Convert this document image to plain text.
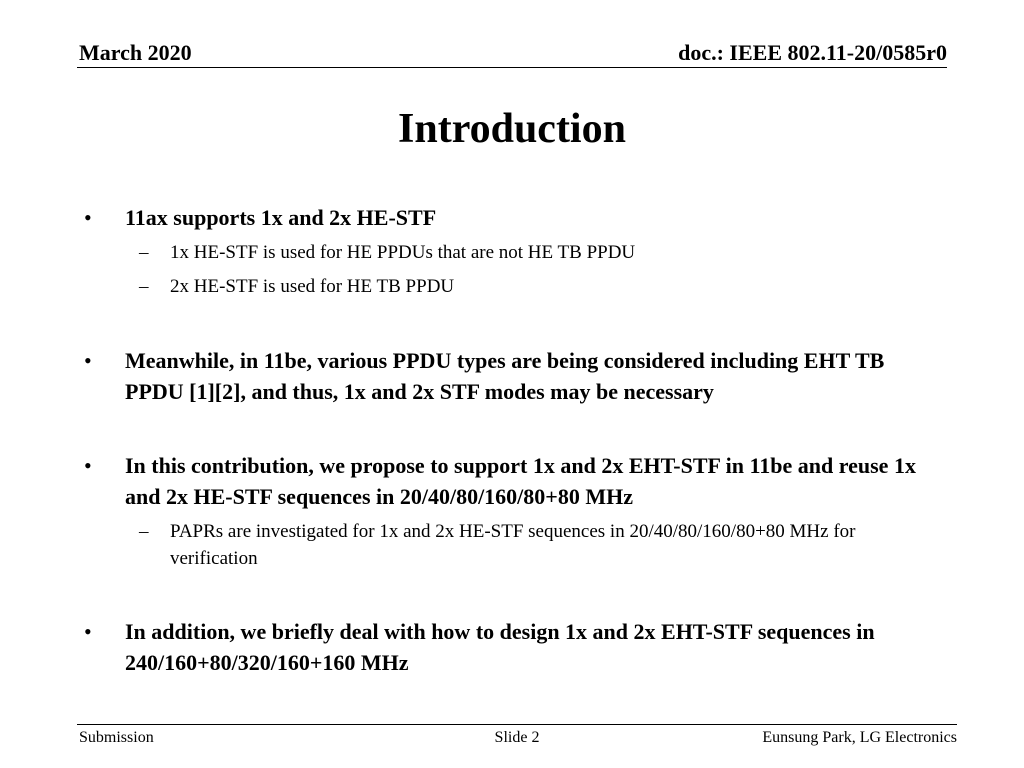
March 2020	doc.: IEEE 802.11-20/0585r0
Introduction
•	11ax supports 1x and 2x HE-STF
–	1x HE-STF is used for HE PPDUs that are not HE TB PPDU
–	2x HE-STF is used for HE TB PPDU
•	Meanwhile, in 11be, various PPDU types are being considered including EHT TB PPDU [1][2], and thus, 1x and 2x STF modes may be necessary
•	In this contribution, we propose to support 1x and 2x EHT-STF in 11be and reuse 1x and 2x HE-STF sequences in 20/40/80/160/80+80 MHz
–	PAPRs are investigated for 1x and 2x HE-STF sequences in 20/40/80/160/80+80 MHz for verification
•	In addition, we briefly deal with how to design 1x and 2x EHT-STF sequences in 240/160+80/320/160+160 MHz
Submission	Slide 2	Eunsung Park, LG Electronics
